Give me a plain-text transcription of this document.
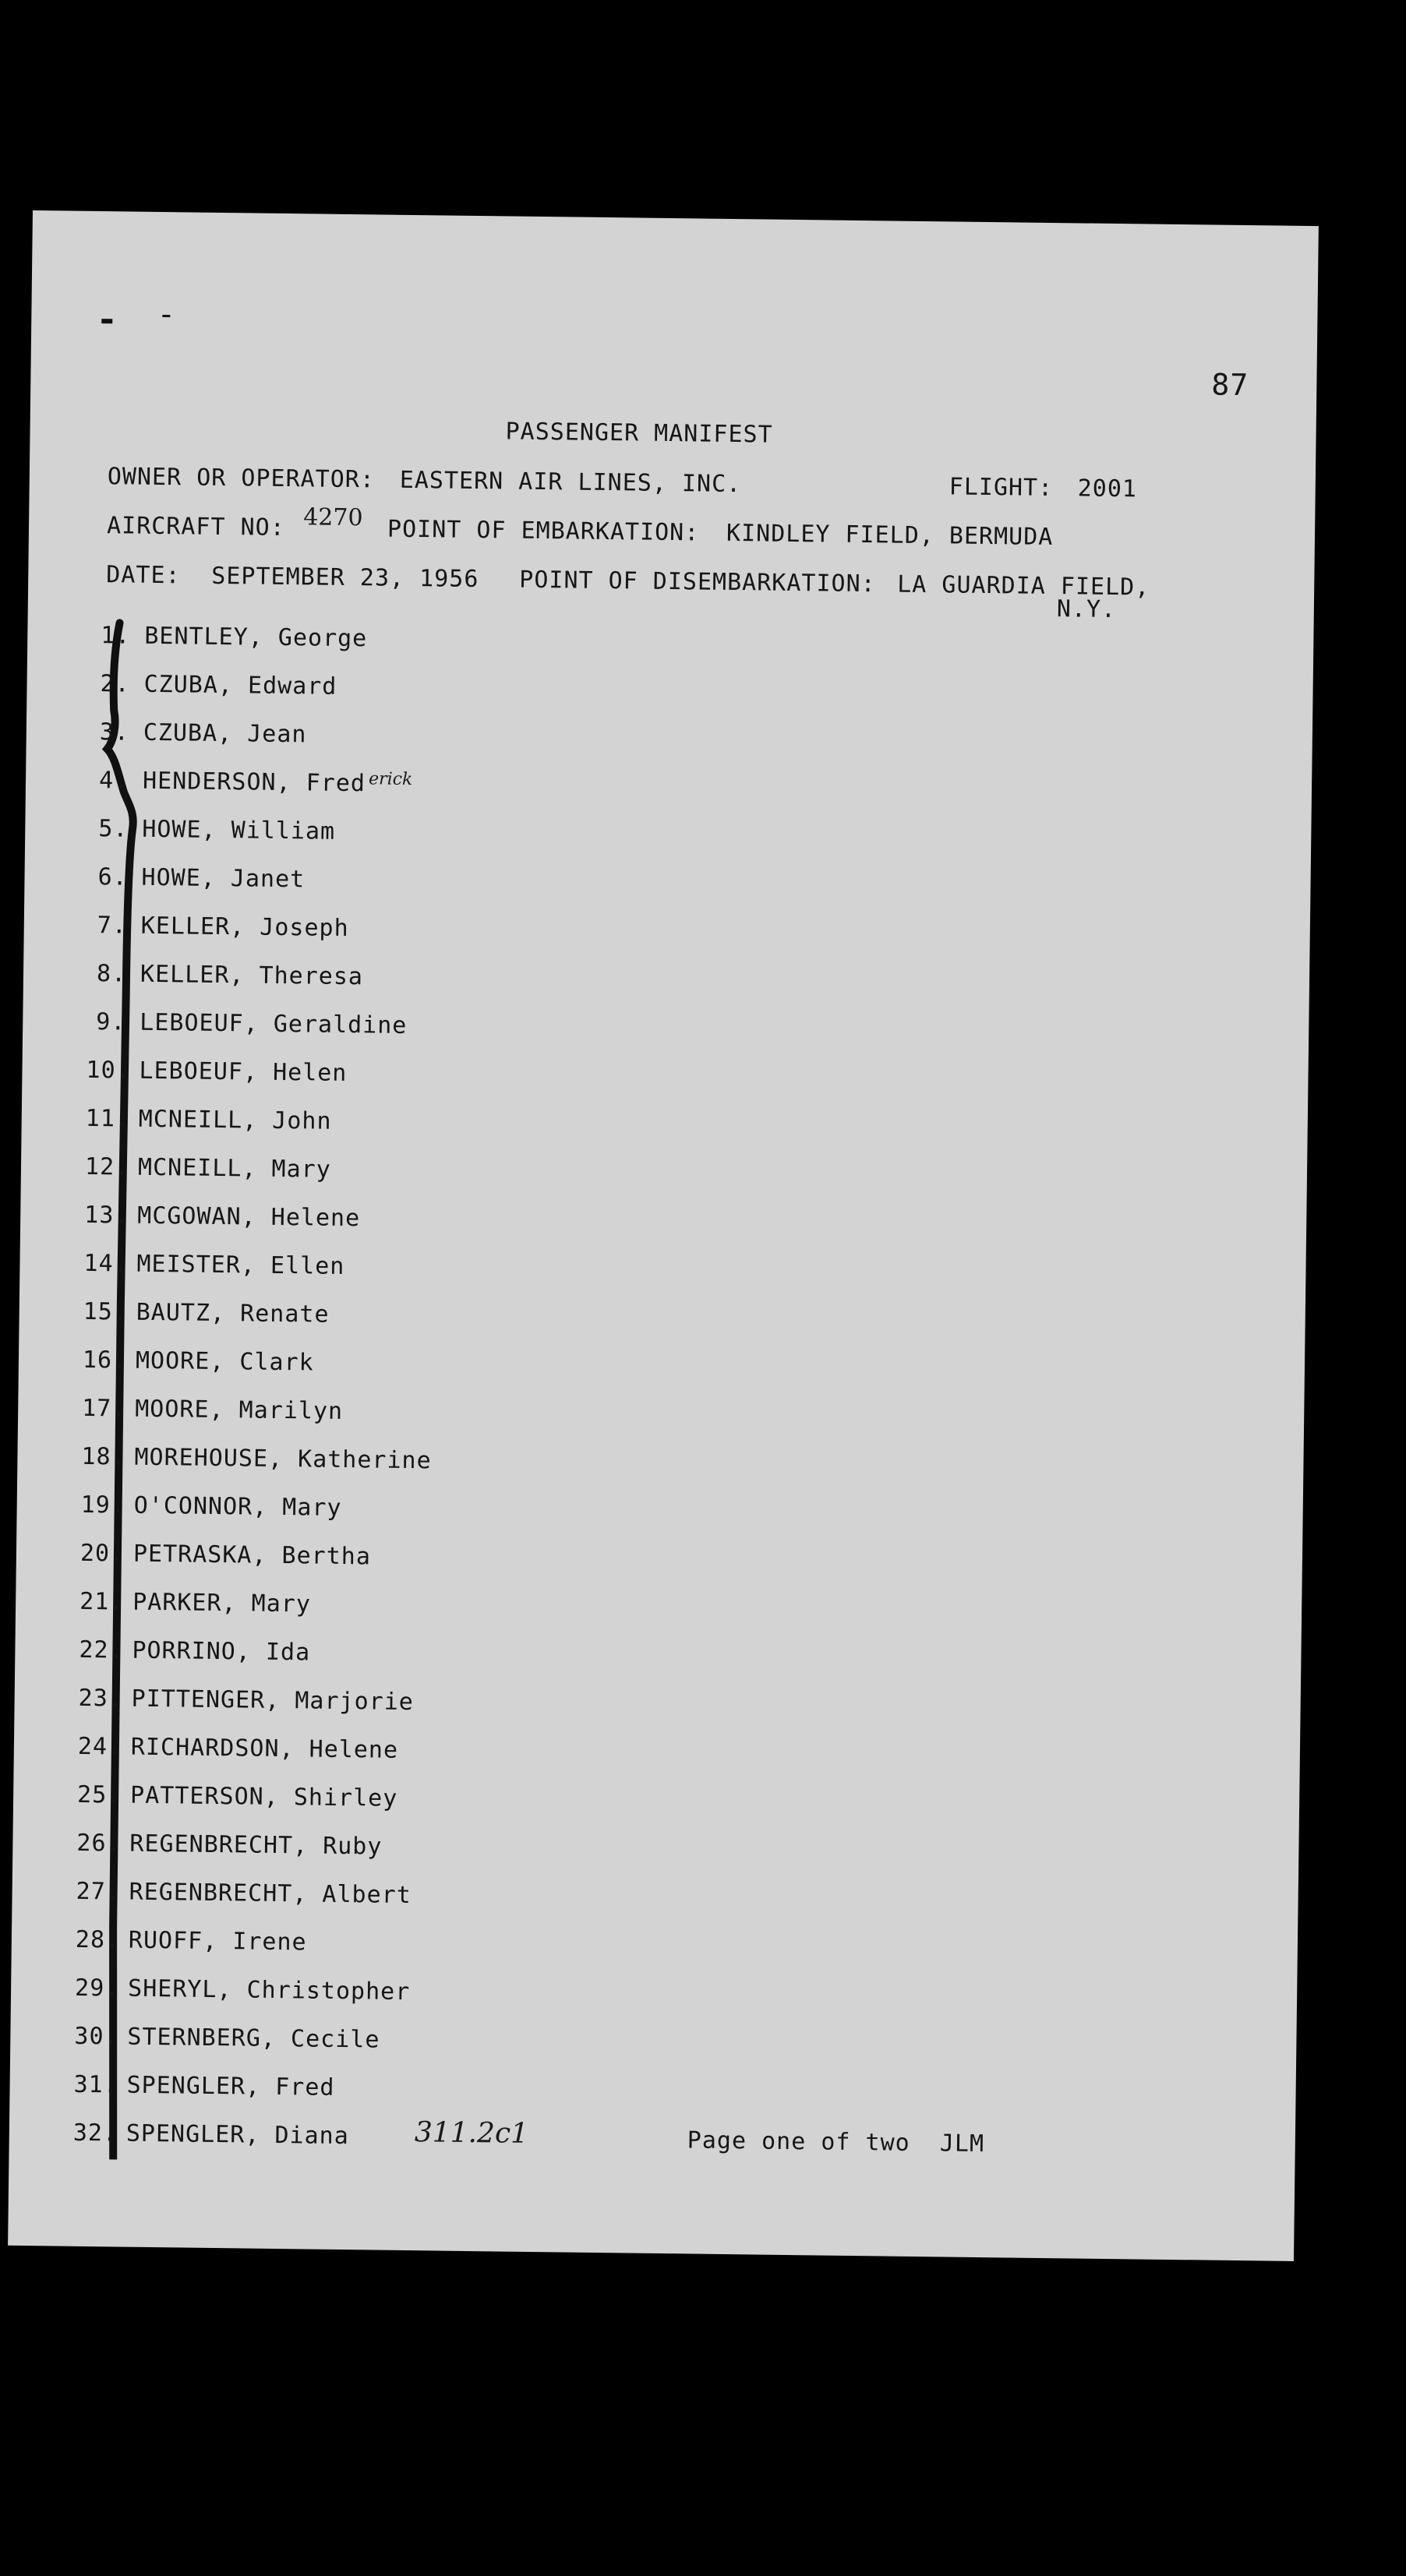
87
PASSENGER MANIFEST
OWNER OR OPERATOR: EASTERN AIR LINES, INC.	FLIGHT: 2001
AIRCRAFT NO: 4270 POINT OF EMBARKATION: KINDLEY FIELD, BERMUDA
DATE: SEPTEMBER 23, 1956 POINT OF DISEMBARKATION: LA GUARDIA FIELD,
N.Y.
1. BENTLEY, George
2. CZUBA, Edward
3. CZUBA, Jean
4. HENDERSON, Fred erick
5. HOWE, William
6. HOWE, Janet
7. KELLER, Joseph
8. KELLER, Theresa
9. LEBOEUF, Geraldine
10. LEBOEUF, Helen
11. MCNEILL, John
12. MCNEILL, Mary
13. MCGOWAN, Helene
14. MEISTER, Ellen
15. BAUTZ, Renate
16. MOORE, Clark
17. MOORE, Marilyn
18. MOREHOUSE, Katherine
19. O'CONNOR, Mary
20. PETRASKA, Bertha
21. PARKER, Mary
22. PORRINO, Ida
23. PITTENGER, Marjorie
24. RICHARDSON, Helene
25. PATTERSON, Shirley
26. REGENBRECHT, Ruby
27. REGENBRECHT, Albert
28. RUOFF, Irene
29. SHERYL, Christopher
30. STERNBERG, Cecile
31. SPENGLER, Fred
32. SPENGLER, Diana 311.2c1	Page one of two  JLM
